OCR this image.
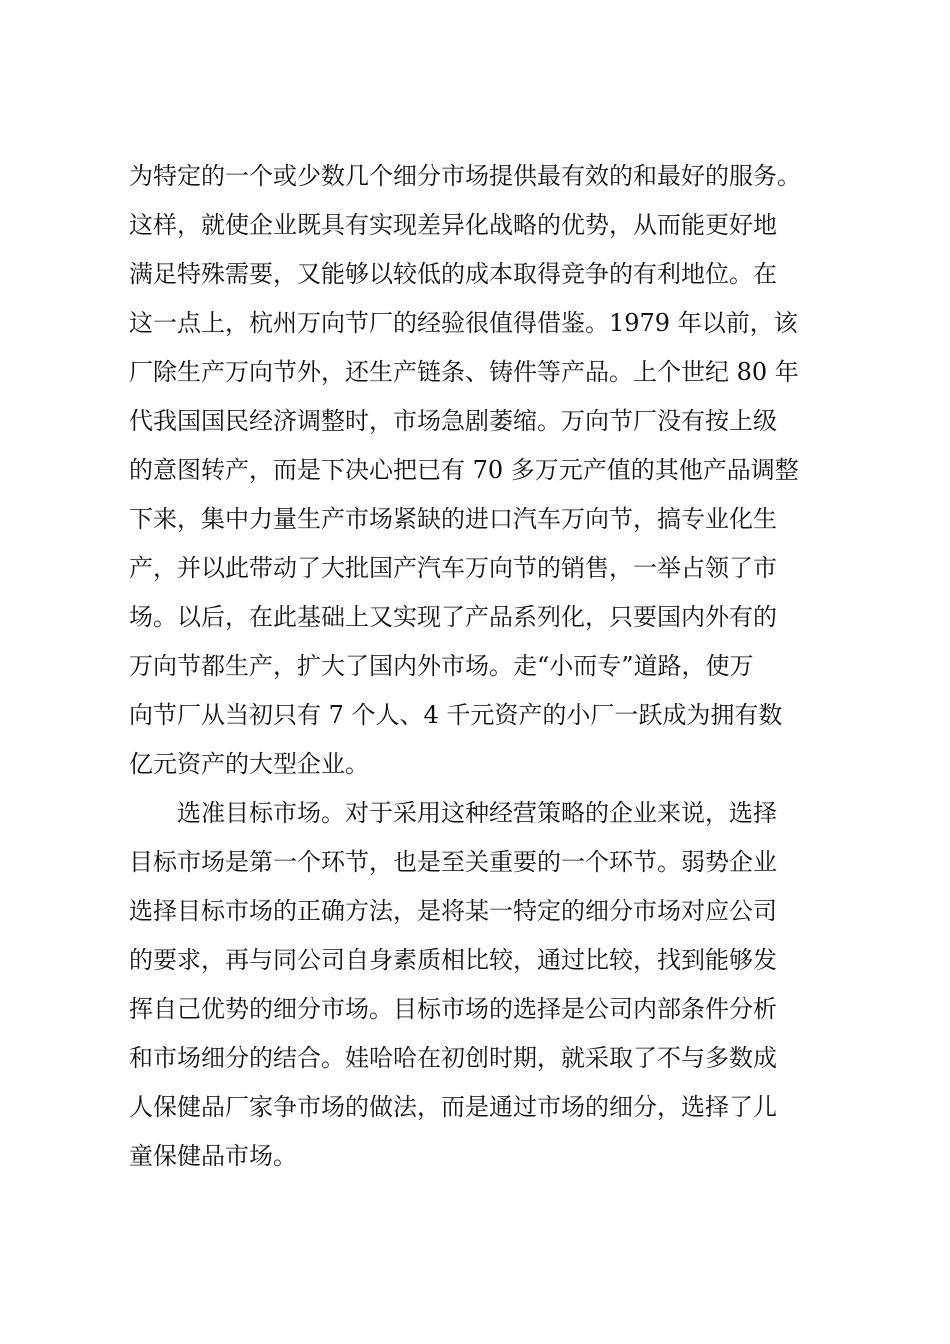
为特定的一个或少数几个细分市场提供最有效的和最好的服务。
这样，就使企业既具有实现差异化战略的优势，从而能更好地
满足特殊需要，又能够以较低的成本取得竞争的有利地位。在
这一点上，杭州万向节厂的经验很值得借鉴。1979 年以前，该
厂除生产万向节外，还生产链条、铸件等产品。上个世纪 80 年
代我国国民经济调整时，市场急剧萎缩。万向节厂没有按上级
的意图转产，而是下决心把已有 70 多万元产值的其他产品调整
下来，集中力量生产市场紧缺的进口汽车万向节，搞专业化生
产，并以此带动了大批国产汽车万向节的销售，一举占领了市
场。以后，在此基础上又实现了产品系列化，只要国内外有的
万向节都生产，扩大了国内外市场。走“小而专”道路，使万
向节厂从当初只有 7 个人、4 千元资产的小厂一跃成为拥有数
亿元资产的大型企业。
选准目标市场。对于采用这种经营策略的企业来说，选择
目标市场是第一个环节，也是至关重要的一个环节。弱势企业
选择目标市场的正确方法，是将某一特定的细分市场对应公司
的要求，再与同公司自身素质相比较，通过比较，找到能够发
挥自己优势的细分市场。目标市场的选择是公司内部条件分析
和市场细分的结合。娃哈哈在初创时期，就采取了不与多数成
人保健品厂家争市场的做法，而是通过市场的细分，选择了儿
童保健品市场。
